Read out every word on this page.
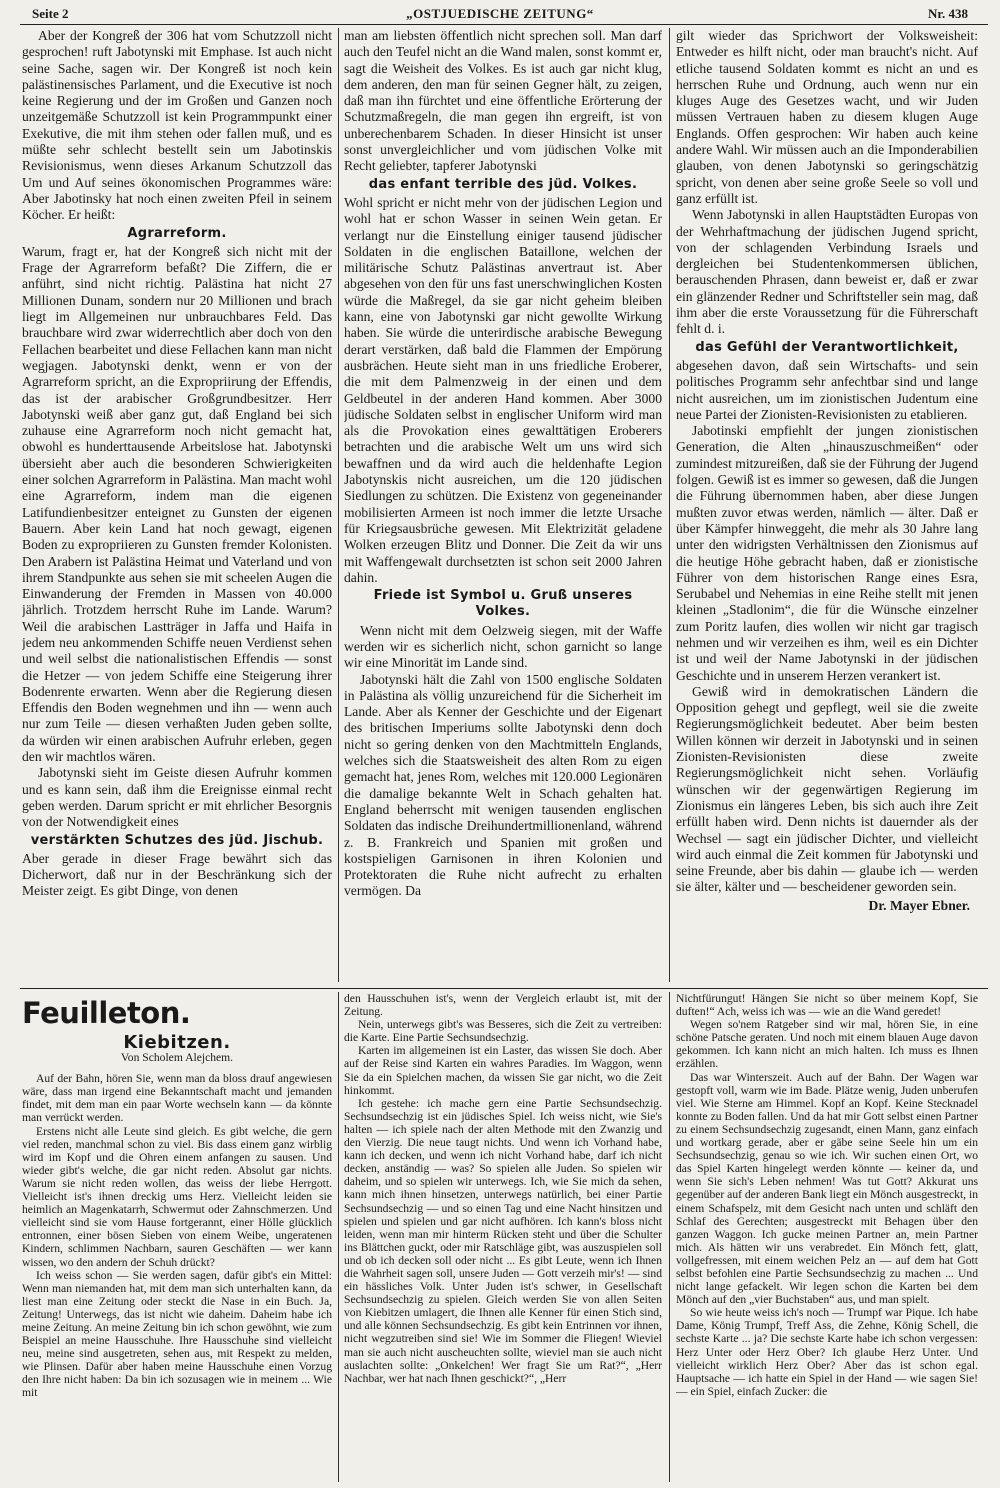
Seite 2	„OSTJUEDISCHE ZEITUNG“	Nr. 438

Aber der Kongreß der 306 hat vom Schutzzoll nicht gesprochen! ruft Jabotynski mit Emphase. Ist auch nicht seine Sache, sagen wir. Der Kongreß ist noch kein palästinensisches Parlament, und die Executive ist noch keine Regierung und der im Großen und Ganzen noch unzeitgemäße Schutzzoll ist kein Programmpunkt einer Exekutive, die mit ihm stehen oder fallen muß, und es müßte sehr schlecht bestellt sein um Jabotinskis Revisionismus, wenn dieses Arkanum Schutzzoll das Um und Auf seines ökonomischen Programmes wäre: Aber Jabotinsky hat noch einen zweiten Pfeil in seinem Köcher. Er heißt:

Agrarreform.

Warum, fragt er, hat der Kongreß sich nicht mit der Frage der Agrarreform befaßt? Die Ziffern, die er anführt, sind nicht richtig. Palästina hat nicht 27 Millionen Dunam, sondern nur 20 Millionen und brach liegt im Allgemeinen nur unbrauchbares Feld. Das brauchbare wird zwar widerrechtlich aber doch von den Fellachen bearbeitet und diese Fellachen kann man nicht wegjagen. Jabotynski denkt, wenn er von der Agrarreform spricht, an die Expropriirung der Effendis, das ist der arabischer Großgrundbesitzer. Herr Jabotynski weiß aber ganz gut, daß England bei sich zuhause eine Agrarreform noch nicht gemacht hat, obwohl es hunderttausende Arbeitslose hat. Jabotynski übersieht aber auch die besonderen Schwierigkeiten einer solchen Agrarreform in Palästina. Man macht wohl eine Agrarreform, indem man die eigenen Latifundienbesitzer enteignet zu Gunsten der eigenen Bauern. Aber kein Land hat noch gewagt, eigenen Boden zu expropriieren zu Gunsten fremder Kolonisten. Den Arabern ist Palästina Heimat und Vaterland und von ihrem Standpunkte aus sehen sie mit scheelen Augen die Einwanderung der Fremden in Massen von 40.000 jährlich. Trotzdem herrscht Ruhe im Lande. Warum? Weil die arabischen Lastträger in Jaffa und Haifa in jedem neu ankommenden Schiffe neuen Verdienst sehen und weil selbst die nationalistischen Effendis — sonst die Hetzer — von jedem Schiffe eine Steigerung ihrer Bodenrente erwarten. Wenn aber die Regierung diesen Effendis den Boden wegnehmen und ihn — wenn auch nur zum Teile — diesen verhaßten Juden geben sollte, da würden wir einen arabischen Aufruhr erleben, gegen den wir machtlos wären.

Jabotynski sieht im Geiste diesen Aufruhr kommen und es kann sein, daß ihm die Ereignisse einmal recht geben werden. Darum spricht er mit ehrlicher Besorgnis von der Notwendigkeit eines

verstärkten Schutzes des jüd. Jischub.

Aber gerade in dieser Frage bewährt sich das Dicherwort, daß nur in der Beschränkung sich der Meister zeigt. Es gibt Dinge, von denen

man am liebsten öffentlich nicht sprechen soll. Man darf auch den Teufel nicht an die Wand malen, sonst kommt er, sagt die Weisheit des Volkes. Es ist auch gar nicht klug, dem anderen, den man für seinen Gegner hält, zu zeigen, daß man ihn fürchtet und eine öffentliche Erörterung der Schutzmaßregeln, die man gegen ihn ergreift, ist von unberechenbarem Schaden. In dieser Hinsicht ist unser sonst unvergleichlicher und vom jüdischen Volke mit Recht geliebter, tapferer Jabotynski

das enfant terrible des jüd. Volkes.

Wohl spricht er nicht mehr von der jüdischen Legion und wohl hat er schon Wasser in seinen Wein getan. Er verlangt nur die Einstellung einiger tausend jüdischer Soldaten in die englischen Bataillone, welchen der militärische Schutz Palästinas anvertraut ist. Aber abgesehen von den für uns fast unerschwinglichen Kosten würde die Maßregel, da sie gar nicht geheim bleiben kann, eine von Jabotynski gar nicht gewollte Wirkung haben. Sie würde die unterirdische arabische Bewegung derart verstärken, daß bald die Flammen der Empörung ausbrächen. Heute sieht man in uns friedliche Eroberer, die mit dem Palmenzweig in der einen und dem Geldbeutel in der anderen Hand kommen. Aber 3000 jüdische Soldaten selbst in englischer Uniform wird man als die Provokation eines gewalttätigen Eroberers betrachten und die arabische Welt um uns wird sich bewaffnen und da wird auch die heldenhafte Legion Jabotynskis nicht ausreichen, um die 120 jüdischen Siedlungen zu schützen. Die Existenz von gegeneinander mobilisierten Armeen ist noch immer die letzte Ursache für Kriegsausbrüche gewesen. Mit Elektrizität geladene Wolken erzeugen Blitz und Donner. Die Zeit da wir uns mit Waffengewalt durchsetzten ist schon seit 2000 Jahren dahin.

Friede ist Symbol u. Gruß unseres Volkes.

Wenn nicht mit dem Oelzweig siegen, mit der Waffe werden wir es sicherlich nicht, schon garnicht so lange wir eine Minorität im Lande sind.

Jabotynski hält die Zahl von 1500 englische Soldaten in Palästina als völlig unzureichend für die Sicherheit im Lande. Aber als Kenner der Geschichte und der Eigenart des britischen Imperiums sollte Jabotynski denn doch nicht so gering denken von den Machtmitteln Englands, welches sich die Staatsweisheit des alten Rom zu eigen gemacht hat, jenes Rom, welches mit 120.000 Legionären die damalige bekannte Welt in Schach gehalten hat. England beherrscht mit wenigen tausenden englischen Soldaten das indische Dreihundertmillionenland, während z. B. Frankreich und Spanien mit großen und kostspieligen Garnisonen in ihren Kolonien und Protektoraten die Ruhe nicht aufrecht zu erhalten vermögen. Da

gilt wieder das Sprichwort der Volksweisheit: Entweder es hilft nicht, oder man braucht's nicht. Auf etliche tausend Soldaten kommt es nicht an und es herrschen Ruhe und Ordnung, auch wenn nur ein kluges Auge des Gesetzes wacht, und wir Juden müssen Vertrauen haben zu diesem klugen Auge Englands. Offen gesprochen: Wir haben auch keine andere Wahl. Wir müssen auch an die Imponderabilien glauben, von denen Jabotynski so geringschätzig spricht, von denen aber seine große Seele so voll und ganz erfüllt ist.

Wenn Jabotynski in allen Hauptstädten Europas von der Wehrhaftmachung der jüdischen Jugend spricht, von der schlagenden Verbindung Israels und dergleichen bei Studentenkommersen üblichen, berauschenden Phrasen, dann beweist er, daß er zwar ein glänzender Redner und Schriftsteller sein mag, daß ihm aber die erste Voraussetzung für die Führerschaft fehlt d. i.

das Gefühl der Verantwortlichkeit,

abgesehen davon, daß sein Wirtschafts- und sein politisches Programm sehr anfechtbar sind und lange nicht ausreichen, um im zionistischen Judentum eine neue Partei der Zionisten-Revisionisten zu etablieren.

Jabotinski empfiehlt der jungen zionistischen Generation, die Alten „hinauszuschmeißen“ oder zumindest mitzureißen, daß sie der Führung der Jugend folgen. Gewiß ist es immer so gewesen, daß die Jungen die Führung übernommen haben, aber diese Jungen mußten zuvor etwas werden, nämlich — älter. Daß er über Kämpfer hinweggeht, die mehr als 30 Jahre lang unter den widrigsten Verhältnissen den Zionismus auf die heutige Höhe gebracht haben, daß er zionistische Führer von dem historischen Range eines Esra, Serubabel und Nehemias in eine Reihe stellt mit jenen kleinen „Stadlonim“, die für die Wünsche einzelner zum Poritz laufen, dies wollen wir nicht gar tragisch nehmen und wir verzeihen es ihm, weil es ein Dichter ist und weil der Name Jabotynski in der jüdischen Geschichte und in unserem Herzen verankert ist.

Gewiß wird in demokratischen Ländern die Opposition gehegt und gepflegt, weil sie die zweite Regierungsmöglichkeit bedeutet. Aber beim besten Willen können wir derzeit in Jabotynski und in seinen Zionisten-Revisionisten diese zweite Regierungsmöglichkeit nicht sehen. Vorläufig wünschen wir der gegenwärtigen Regierung im Zionismus ein längeres Leben, bis sich auch ihre Zeit erfüllt haben wird. Denn nichts ist dauernder als der Wechsel — sagt ein jüdischer Dichter, und vielleicht wird auch einmal die Zeit kommen für Jabotynski und seine Freunde, aber bis dahin — glaube ich — werden sie älter, kälter und — bescheidener geworden sein.

Dr. Mayer Ebner.
Feuilleton.
Kiebitzen.
Von Scholem Alejchem.

Auf der Bahn, hören Sie, wenn man da bloss drauf angewiesen wäre, dass man irgend eine Bekanntschaft macht und jemanden findet, mit dem man ein paar Worte wechseln kann — da könnte man verrückt werden.

Erstens nicht alle Leute sind gleich. Es gibt welche, die gern viel reden, manchmal schon zu viel. Bis dass einem ganz wirblig wird im Kopf und die Ohren einem anfangen zu sausen. Und wieder gibt's welche, die gar nicht reden. Absolut gar nichts. Warum sie nicht reden wollen, das weiss der liebe Herrgott. Vielleicht ist's ihnen dreckig ums Herz. Vielleicht leiden sie heimlich an Magenkatarrh, Schwermut oder Zahnschmerzen. Und vielleicht sind sie vom Hause fortgerannt, einer Hölle glücklich entronnen, einer bösen Sieben von einem Weibe, ungeratenen Kindern, schlimmen Nachbarn, sauren Geschäften — wer kann wissen, wo den andern der Schuh drückt?

Ich weiss schon — Sie werden sagen, dafür gibt's ein Mittel: Wenn man niemanden hat, mit dem man sich unterhalten kann, da liest man eine Zeitung oder steckt die Nase in ein Buch. Ja, Zeitung! Unterwegs, das ist nicht wie daheim. Daheim habe ich meine Zeitung. An meine Zeitung bin ich schon gewöhnt, wie zum Beispiel an meine Hausschuhe. Ihre Hausschuhe sind vielleicht neu, meine sind ausgetreten, sehen aus, mit Respekt zu melden, wie Plinsen. Dafür aber haben meine Hausschuhe einen Vorzug den Ihre nicht haben: Da bin ich sozusagen wie in meinem ... Wie mit

den Hausschuhen ist's, wenn der Vergleich erlaubt ist, mit der Zeitung.

Nein, unterwegs gibt's was Besseres, sich die Zeit zu vertreiben: die Karte. Eine Partie Sechsundsechzig.

Karten im allgemeinen ist ein Laster, das wissen Sie doch. Aber auf der Reise sind Karten ein wahres Paradies. Im Waggon, wenn Sie da ein Spielchen machen, da wissen Sie gar nicht, wo die Zeit hinkommt.

Ich gestehe: ich mache gern eine Partie Sechsundsechzig. Sechsundsechzig ist ein jüdisches Spiel. Ich weiss nicht, wie Sie's halten — ich spiele nach der alten Methode mit den Zwanzig und den Vierzig. Die neue taugt nichts. Und wenn ich Vorhand habe, kann ich decken, und wenn ich nicht Vorhand habe, darf ich nicht decken, anständig — was? So spielen alle Juden. So spielen wir daheim, und so spielen wir unterwegs. Ich, wie Sie mich da sehen, kann mich ihnen hinsetzen, unterwegs natürlich, bei einer Partie Sechsundsechzig — und so einen Tag und eine Nacht hinsitzen und spielen und spielen und gar nicht aufhören. Ich kann's bloss nicht leiden, wenn man mir hinterm Rücken steht und über die Schulter ins Blättchen guckt, oder mir Ratschläge gibt, was auszuspielen soll und ob ich decken soll oder nicht ... Es gibt Leute, wenn ich Ihnen die Wahrheit sagen soll, unsere Juden — Gott verzeih mir's! — sind ein hässliches Volk. Unter Juden ist's schwer, in Gesellschaft Sechsundsechzig zu spielen. Gleich werden Sie von allen Seiten von Kiebitzen umlagert, die Ihnen alle Kenner für einen Stich sind, und alle können Sechsundsechzig. Es gibt kein Entrinnen vor ihnen, nicht wegzutreiben sind sie! Wie im Sommer die Fliegen! Wieviel man sie auch nicht auscheuchten sollte, wieviel man sie auch nicht auslachten sollte: „Onkelchen! Wer fragt Sie um Rat?“, „Herr Nachbar, wer hat nach Ihnen geschickt?“, „Herr

Nichtfürungut! Hängen Sie nicht so über meinem Kopf, Sie duften!“ Ach, weiss ich was — wie an die Wand geredet!

Wegen so'nem Ratgeber sind wir mal, hören Sie, in eine schöne Patsche geraten. Und noch mit einem blauen Auge davon gekommen. Ich kann nicht an mich halten. Ich muss es Ihnen erzählen.

Das war Winterszeit. Auch auf der Bahn. Der Wagen war gestopft voll, warm wie im Bade. Plätze wenig, Juden unberufen viel. Wie Sterne am Himmel. Kopf an Kopf. Keine Stecknadel konnte zu Boden fallen. Und da hat mir Gott selbst einen Partner zu einem Sechsundsechzig zugesandt, einen Mann, ganz einfach und wortkarg gerade, aber er gäbe seine Seele hin um ein Sechsundsechzig, genau so wie ich. Wir suchen einen Ort, wo das Spiel Karten hingelegt werden könnte — keiner da, und wenn Sie sich's Leben nehmen! Was tut Gott? Akkurat uns gegenüber auf der anderen Bank liegt ein Mönch ausgestreckt, in einem Schafspelz, mit dem Gesicht nach unten und schläft den Schlaf des Gerechten; ausgestreckt mit Behagen über den ganzen Waggon. Ich gucke meinen Partner an, mein Partner mich. Als hätten wir uns verabredet. Ein Mönch fett, glatt, vollgefressen, mit einem weichen Pelz an — auf dem hat Gott selbst befohlen eine Partie Sechsundsechzig zu machen ... Und nicht lange gefackelt. Wir legen schon die Karten bei dem Mönch auf den „vier Buchstaben“ aus, und man spielt.

So wie heute weiss ich's noch — Trumpf war Pique. Ich habe Dame, König Trumpf, Treff Ass, die Zehne, König Schell, die sechste Karte ... ja? Die sechste Karte habe ich schon vergessen: Herz Unter oder Herz Ober? Ich glaube Herz Unter. Und vielleicht wirklich Herz Ober? Aber das ist schon egal. Hauptsache — ich hatte ein Spiel in der Hand — wie sagen Sie! — ein Spiel, einfach Zucker: die
